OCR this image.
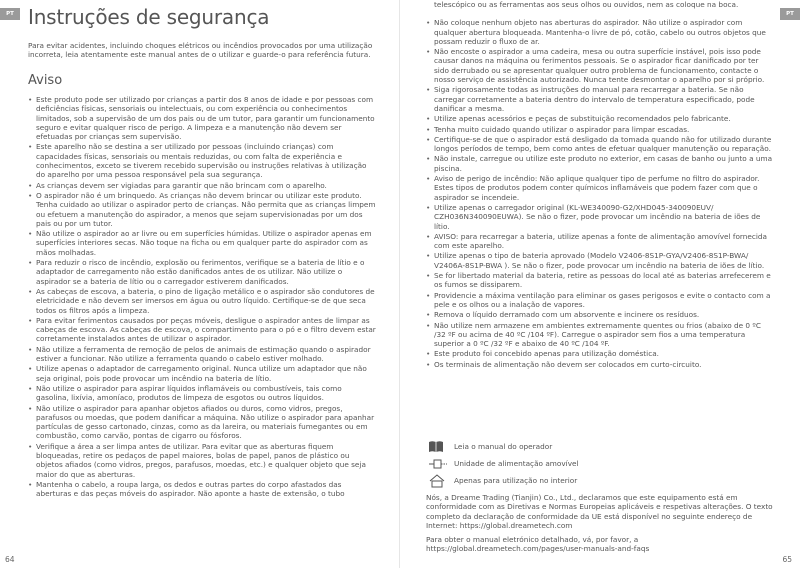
PT Instruções de segurança

Para evitar acidentes, incluindo choques elétricos ou incêndios provocados por uma utilização incorreta, leia atentamente este manual antes de o utilizar e guarde-o para referência futura.

Aviso
• Este produto pode ser utilizado por crianças a partir dos 8 anos de idade e por pessoas com deficiências físicas, sensoriais ou intelectuais, ou com experiência ou conhecimentos limitados, sob a supervisão de um dos pais ou de um tutor, para garantir um funcionamento seguro e evitar qualquer risco de perigo. A limpeza e a manutenção não devem ser efetuadas por crianças sem supervisão.
• Este aparelho não se destina a ser utilizado por pessoas (incluindo crianças) com capacidades físicas, sensoriais ou mentais reduzidas, ou com falta de experiência e conhecimentos, exceto se tiverem recebido supervisão ou instruções relativas à utilização do aparelho por uma pessoa responsável pela sua segurança.
• As crianças devem ser vigiadas para garantir que não brincam com o aparelho.
• O aspirador não é um brinquedo. As crianças não devem brincar ou utilizar este produto. Tenha cuidado ao utilizar o aspirador perto de crianças. Não permita que as crianças limpem ou efetuem a manutenção do aspirador, a menos que sejam supervisionadas por um dos pais ou por um tutor.
• Não utilize o aspirador ao ar livre ou em superfícies húmidas. Utilize o aspirador apenas em superfícies interiores secas. Não toque na ficha ou em qualquer parte do aspirador com as mãos molhadas.
• Para reduzir o risco de incêndio, explosão ou ferimentos, verifique se a bateria de lítio e o adaptador de carregamento não estão danificados antes de os utilizar. Não utilize o aspirador se a bateria de lítio ou o carregador estiverem danificados.
• As cabeças de escova, a bateria, o pino de ligação metálico e o aspirador são condutores de eletricidade e não devem ser imersos em água ou outro líquido. Certifique-se de que seca todos os filtros após a limpeza.
• Para evitar ferimentos causados por peças móveis, desligue o aspirador antes de limpar as cabeças de escova. As cabeças de escova, o compartimento para o pó e o filtro devem estar corretamente instalados antes de utilizar o aspirador.
• Não utilize a ferramenta de remoção de pelos de animais de estimação quando o aspirador estiver a funcionar. Não utilize a ferramenta quando o cabelo estiver molhado.
• Utilize apenas o adaptador de carregamento original. Nunca utilize um adaptador que não seja original, pois pode provocar um incêndio na bateria de lítio.
• Não utilize o aspirador para aspirar líquidos inflamáveis ou combustíveis, tais como gasolina, lixívia, amoníaco, produtos de limpeza de esgotos ou outros líquidos.
• Não utilize o aspirador para apanhar objetos afiados ou duros, como vidros, pregos, parafusos ou moedas, que podem danificar a máquina. Não utilize o aspirador para apanhar partículas de gesso cartonado, cinzas, como as da lareira, ou materiais fumegantes ou em combustão, como carvão, pontas de cigarro ou fósforos.
• Verifique a área a ser limpa antes de utilizar. Para evitar que as aberturas fiquem bloqueadas, retire os pedaços de papel maiores, bolas de papel, panos de plástico ou objetos afiados (como vidros, pregos, parafusos, moedas, etc.) e qualquer objeto que seja maior do que as aberturas.
• Mantenha o cabelo, a roupa larga, os dedos e outras partes do corpo afastados das aberturas e das peças móveis do aspirador. Não aponte a haste de extensão, o tubo
64
PT

telescópico ou as ferramentas aos seus olhos ou ouvidos, nem as coloque na boca.

• Não coloque nenhum objeto nas aberturas do aspirador. Não utilize o aspirador com qualquer abertura bloqueada. Mantenha-o livre de pó, cotão, cabelo ou outros objetos que possam reduzir o fluxo de ar.
• Não encoste o aspirador a uma cadeira, mesa ou outra superfície instável, pois isso pode causar danos na máquina ou ferimentos pessoais. Se o aspirador ficar danificado por ter sido derrubado ou se apresentar qualquer outro problema de funcionamento, contacte o nosso serviço de assistência autorizado. Nunca tente desmontar o aparelho por si próprio.
• Siga rigorosamente todas as instruções do manual para recarregar a bateria. Se não carregar corretamente a bateria dentro do intervalo de temperatura especificado, pode danificar a mesma.
• Utilize apenas acessórios e peças de substituição recomendados pelo fabricante.
• Tenha muito cuidado quando utilizar o aspirador para limpar escadas.
• Certifique-se de que o aspirador está desligado da tomada quando não for utilizado durante longos períodos de tempo, bem como antes de efetuar qualquer manutenção ou reparação.
• Não instale, carregue ou utilize este produto no exterior, em casas de banho ou junto a uma piscina.
• Aviso de perigo de incêndio: Não aplique qualquer tipo de perfume no filtro do aspirador. Estes tipos de produtos podem conter químicos inflamáveis que podem fazer com que o aspirador se incendeie.
• Utilize apenas o carregador original (KL-WE340090-G2/XHD045-340090EUV/ CZH036N340090EUWA). Se não o fizer, pode provocar um incêndio na bateria de iões de lítio.
• AVISO: para recarregar a bateria, utilize apenas a fonte de alimentação amovível fornecida com este aparelho.
• Utilize apenas o tipo de bateria aprovado (Modelo V2406-8S1P-GYA/V2406-8S1P-BWA/ V2406A-8S1P-BWA ). Se não o fizer, pode provocar um incêndio na bateria de iões de lítio.
• Se for libertado material da bateria, retire as pessoas do local até as baterias arrefecerem e os fumos se dissiparem.
• Providencie a máxima ventilação para eliminar os gases perigosos e evite o contacto com a pele e os olhos ou a inalação de vapores.
• Remova o líquido derramado com um absorvente e incinere os resíduos.
• Não utilize nem armazene em ambientes extremamente quentes ou frios (abaixo de 0 ºC /32 ºF ou acima de 40 ºC /104 ºF). Carregue o aspirador sem fios a uma temperatura superior a 0 ºC /32 ºF e abaixo de 40 ºC /104 ºF.
• Este produto foi concebido apenas para utilização doméstica.
• Os terminais de alimentação não devem ser colocados em curto-circuito.
Leia o manual do operador
Unidade de alimentação amovível
Apenas para utilização no interior

Nós, a Dreame Trading (Tianjin) Co., Ltd., declaramos que este equipamento está em conformidade com as Diretivas e Normas Europeias aplicáveis e respetivas alterações. O texto completo da declaração de conformidade da UE está disponível no seguinte endereço de Internet: https://global.dreametech.com

Para obter o manual eletrónico detalhado, vá, por favor, a https://global.dreametech.com/pages/user-manuals-and-faqs

65
